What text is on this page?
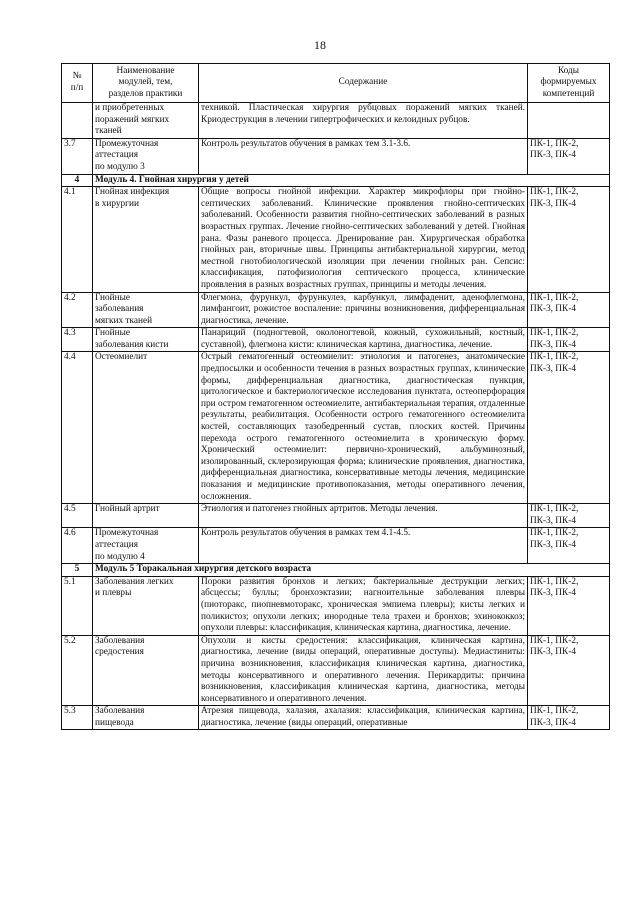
18
№
п/п	Наименование
модулей, тем,
разделов практики	Содержание	Коды
формируемых
компетенций
	и приобретенных
поражений мягких
тканей	техникой. Пластическая хирургия рубцовых поражений мягких тканей. Криодеструкция в лечении гипертрофических и келоидных рубцов.	
3.7	Промежуточная
аттестация
по модулю 3	Контроль результатов обучения в рамках тем 3.1-3.6.	ПК-1, ПК-2,
ПК-3, ПК-4
4	Модуль 4. Гнойная хирургия у детей		
4.1	Гнойная инфекция
в хирургии	Общие вопросы гнойной инфекции. Характер микрофлоры при гнойно-септических заболеваний. Клинические проявления гнойно-септических заболеваний. Особенности развития гнойно-септических заболеваний в разных возрастных группах. Лечение гнойно-септических заболеваний у детей. Гнойная рана. Фазы раневого процесса. Дренирование ран. Хирургическая обработка гнойных ран, вторичные швы. Принципы антибактериальной хирургии, метод местной гнотобиологической изоляции при лечении гнойных ран. Сепсис: классификация, патофизиология септического процесса, клинические проявления в разных возрастных группах, принципы и методы лечения.	ПК-1, ПК-2,
ПК-3, ПК-4
4.2	Гнойные
заболевания
мягких тканей	Флегмона, фурункул, фурункулез, карбункул, лимфаденит, аденофлегмона, лимфангоит, рожистое воспаление: причины возникновения, дифференциальная диагностика, лечение.	ПК-1, ПК-2,
ПК-3, ПК-4
4.3	Гнойные
заболевания кисти	Панариций (подногтевой, околоногтевой, кожный, сухожильный, костный, суставной), флегмона кисти: клиническая картина, диагностика, лечение.	ПК-1, ПК-2,
ПК-3, ПК-4
4.4	Остеомиелит	Острый гематогенный остеомиелит: этиология и патогенез, анатомические предпосылки и особенности течения в разных возрастных группах, клинические формы, дифференциальная диагностика, диагностическая пункция, цитологическое и бактериологическое исследования пунктата, остеоперфорация при остром гематогенном остеомиелите, антибактериальная терапия, отдаленные результаты, реабилитация. Особенности острого гематогенного остеомиелита костей, составляющих тазобедренный сустав, плоских костей. Причины перехода острого гематогенного остеомиелита в хроническую форму. Хронический остеомиелит: первично-хронический, альбуминозный, изолированный, склерозирующая форма; клинические проявления, диагностика, дифференциальная диагностика, консервативные методы лечения, медицинские показания и медицинские противопоказания, методы оперативного лечения, осложнения.	ПК-1, ПК-2,
ПК-3, ПК-4
4.5	Гнойный артрит	Этиология и патогенез гнойных артритов. Методы лечения.	ПК-1, ПК-2,
ПК-3, ПК-4
4.6	Промежуточная
аттестация
по модулю 4	Контроль результатов обучения в рамках тем 4.1-4.5.	ПК-1, ПК-2,
ПК-3, ПК-4
5	Модуль 5 Торакальная хирургия детского возраста		
5.1	Заболевания легких
и плевры	Пороки развития бронхов и легких; бактериальные деструкции легких; абсцессы; буллы; бронхоэктазии; нагноительные заболевания плевры (пиоторакс, пиопневмоторакс, хроническая эмпиема плевры); кисты легких и поликистоз; опухоли легких; инородные тела трахеи и бронхов; эхинококкоз; опухоли плевры: классификация, клиническая картина, диагностика, лечение.	ПК-1, ПК-2,
ПК-3, ПК-4
5.2	Заболевания
средостения	Опухоли и кисты средостения: классификация, клиническая картина, диагностика, лечение (виды операций, оперативные доступы). Медиастиниты: причина возникновения, классификация клиническая картина, диагностика, методы консервативного и оперативного лечения. Перикардиты: причина возникновения, классификация клиническая картина, диагностика, методы консервативного и оперативного лечения.	ПК-1, ПК-2,
ПК-3, ПК-4
5.3	Заболевания
пищевода	Атрезия пищевода, халазия, ахалазия: классификация, клиническая картина, диагностика, лечение (виды операций, оперативные	ПК-1, ПК-2,
ПК-3, ПК-4
